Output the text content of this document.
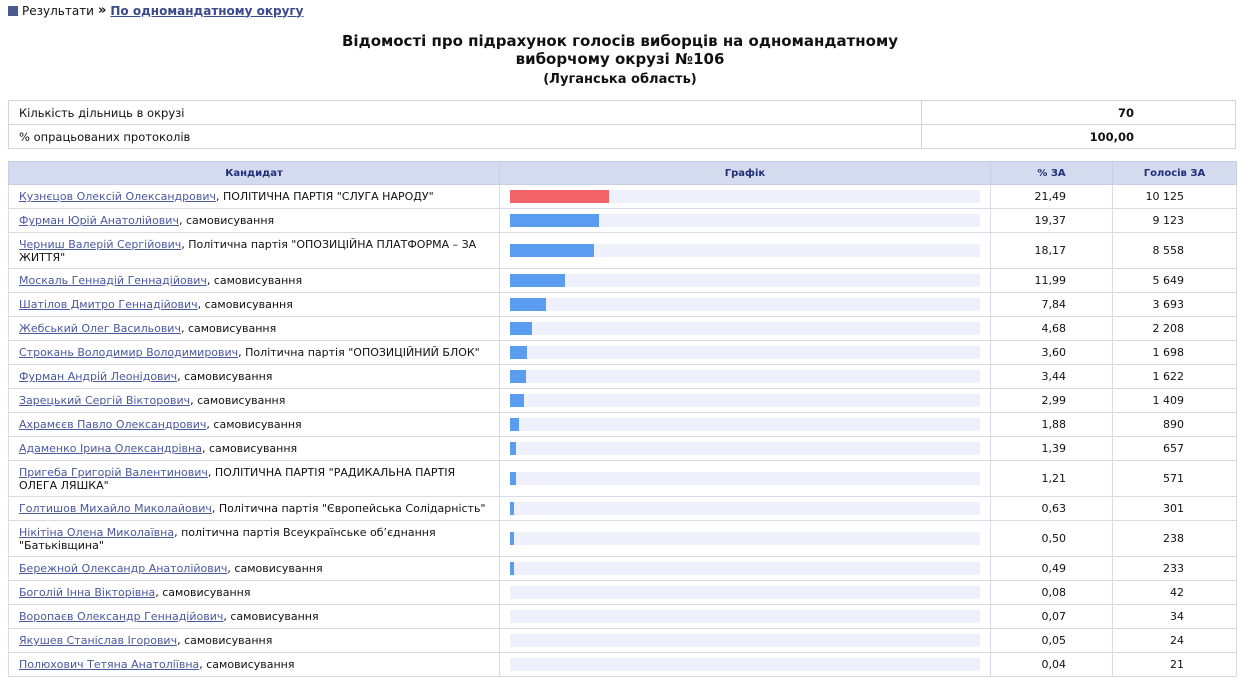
Результати » По одномандатному округу
Відомості про підрахунок голосів виборців на одномандатному
виборчому окрузі №106
(Луганська область)
Кількість дільниць в окрузі	70
% опрацьованих протоколів	100,00
Кандидат	Графік	% ЗА	Голосів ЗА
Кузнєцов Олексій Олександрович, ПОЛІТИЧНА ПАРТІЯ "СЛУГА НАРОДУ"		21,49	10 125
Фурман Юрій Анатолійович, самовисування		19,37	9 123
Черниш Валерій Сергійович, Політична партія "ОПОЗИЦІЙНА ПЛАТФОРМА – ЗА ЖИТТЯ"		18,17	8 558
Москаль Геннадій Геннадійович, самовисування		11,99	5 649
Шатілов Дмитро Геннадійович, самовисування		7,84	3 693
Жебський Олег Васильович, самовисування		4,68	2 208
Строкань Володимир Володимирович, Політична партія "ОПОЗИЦІЙНИЙ БЛОК"		3,60	1 698
Фурман Андрій Леонідович, самовисування		3,44	1 622
Зарецький Сергій Вікторович, самовисування		2,99	1 409
Ахрамєєв Павло Олександрович, самовисування		1,88	890
Адаменко Ірина Олександрівна, самовисування		1,39	657
Пригеба Григорій Валентинович, ПОЛІТИЧНА ПАРТІЯ "РАДИКАЛЬНА ПАРТІЯ ОЛЕГА ЛЯШКА"		1,21	571
Голтишов Михайло Миколайович, Політична партія "Європейська Солідарність"		0,63	301
Нікітіна Олена Миколаївна, політична партія Всеукраїнське об’єднання "Батьківщина"		0,50	238
Бережной Олександр Анатолійович, самовисування		0,49	233
Боголій Інна Вікторівна, самовисування		0,08	42
Воропаєв Олександр Геннадійович, самовисування		0,07	34
Якушев Станіслав Ігорович, самовисування		0,05	24
Полюхович Тетяна Анатоліївна, самовисування		0,04	21
